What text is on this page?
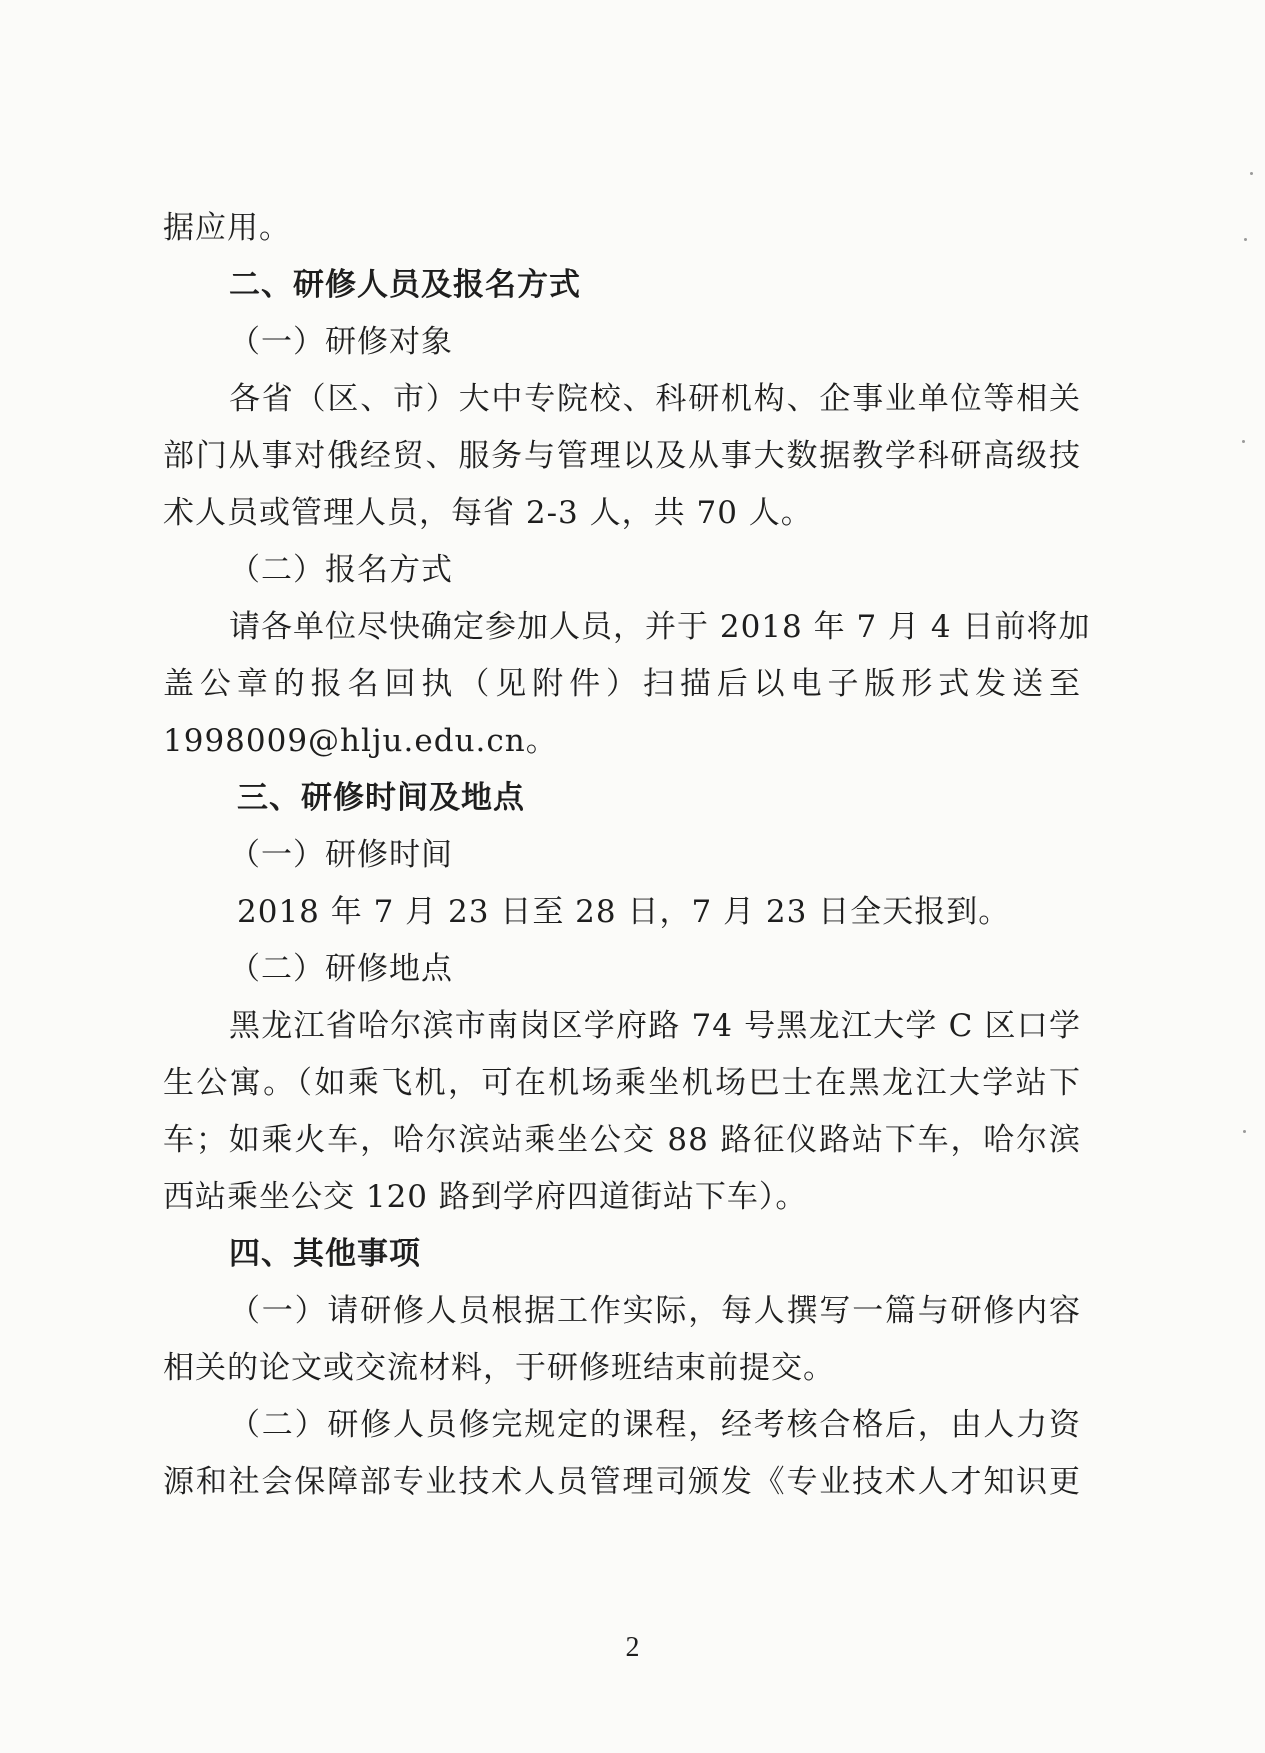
据应用。
二、研修人员及报名方式
（一）研修对象
各省（区、市）大中专院校、科研机构、企事业单位等相关
部门从事对俄经贸、服务与管理以及从事大数据教学科研高级技
术人员或管理人员，每省 2-3 人，共 70 人。
（二）报名方式
请各单位尽快确定参加人员，并于 2018 年 7 月 4 日前将加
盖公章的报名回执（见附件）扫描后以电子版形式发送至
1998009@hlju.edu.cn。
三、研修时间及地点
（一）研修时间
2018 年 7 月 23 日至 28 日，7 月 23 日全天报到。
（二）研修地点
黑龙江省哈尔滨市南岗区学府路 74 号黑龙江大学 C 区口学
生公寓。（如乘飞机，可在机场乘坐机场巴士在黑龙江大学站下
车；如乘火车，哈尔滨站乘坐公交 88 路征仪路站下车，哈尔滨
西站乘坐公交 120 路到学府四道街站下车）。
四、其他事项
（一）请研修人员根据工作实际，每人撰写一篇与研修内容
相关的论文或交流材料，于研修班结束前提交。
（二）研修人员修完规定的课程，经考核合格后，由人力资
源和社会保障部专业技术人员管理司颁发《专业技术人才知识更
2
